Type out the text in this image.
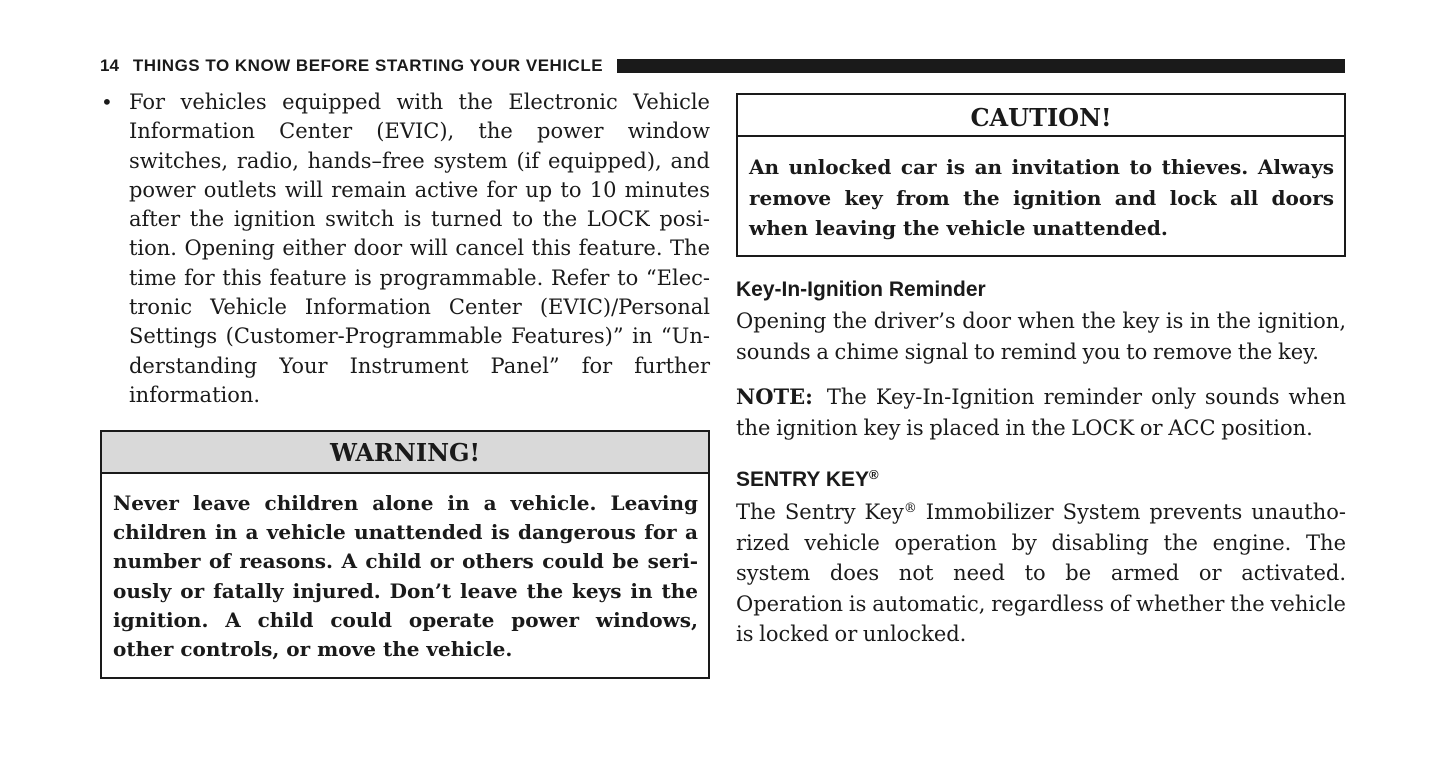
14 THINGS TO KNOW BEFORE STARTING YOUR VEHICLE
• For vehicles equipped with the Electronic Vehicle Information Center (EVIC), the power window switches, radio, hands–free system (if equipped), and power outlets will remain active for up to 10 minutes after the ignition switch is turned to the LOCK posi- tion. Opening either door will cancel this feature. The time for this feature is programmable. Refer to “Elec- tronic Vehicle Information Center (EVIC)/Personal Settings (Customer-Programmable Features)” in “Un- derstanding Your Instrument Panel” for further information.
WARNING!
Never leave children alone in a vehicle. Leaving children in a vehicle unattended is dangerous for a number of reasons. A child or others could be seri- ously or fatally injured. Don’t leave the keys in the ignition. A child could operate power windows, other controls, or move the vehicle.
CAUTION!
An unlocked car is an invitation to thieves. Always remove key from the ignition and lock all doors when leaving the vehicle unattended.
Key-In-Ignition Reminder
Opening the driver’s door when the key is in the ignition, sounds a chime signal to remind you to remove the key.
NOTE: The Key-In-Ignition reminder only sounds when the ignition key is placed in the LOCK or ACC position.
SENTRY KEY®
The Sentry Key® Immobilizer System prevents unautho- rized vehicle operation by disabling the engine. The system does not need to be armed or activated. Operation is automatic, regardless of whether the vehicle is locked or unlocked.
